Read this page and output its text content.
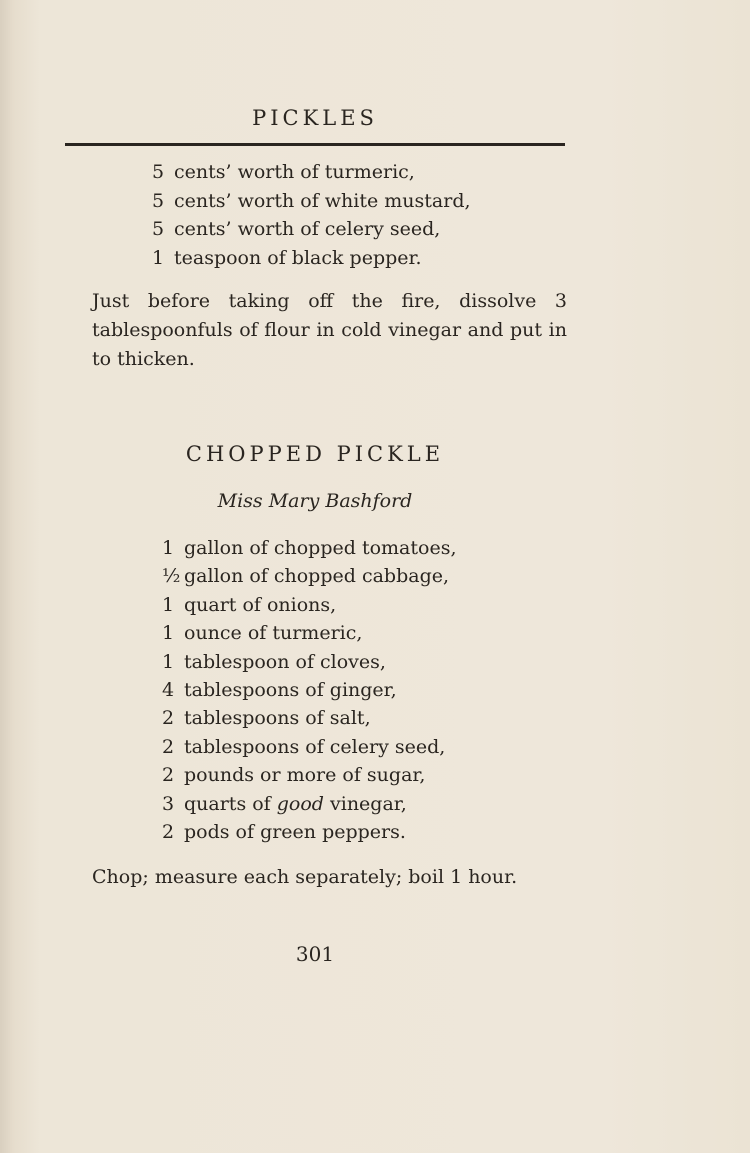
PICKLES
5 cents’ worth of turmeric,
5 cents’ worth of white mustard,
5 cents’ worth of celery seed,
1 teaspoon of black pepper.
Just before taking off the fire, dissolve 3 tablespoonfuls of flour in cold vinegar and put in to thicken.
CHOPPED PICKLE
Miss Mary Bashford
1 gallon of chopped tomatoes,
½ gallon of chopped cabbage,
1 quart of onions,
1 ounce of turmeric,
1 tablespoon of cloves,
4 tablespoons of ginger,
2 tablespoons of salt,
2 tablespoons of celery seed,
2 pounds or more of sugar,
3 quarts of good vinegar,
2 pods of green peppers.
Chop; measure each separately; boil 1 hour.
301
